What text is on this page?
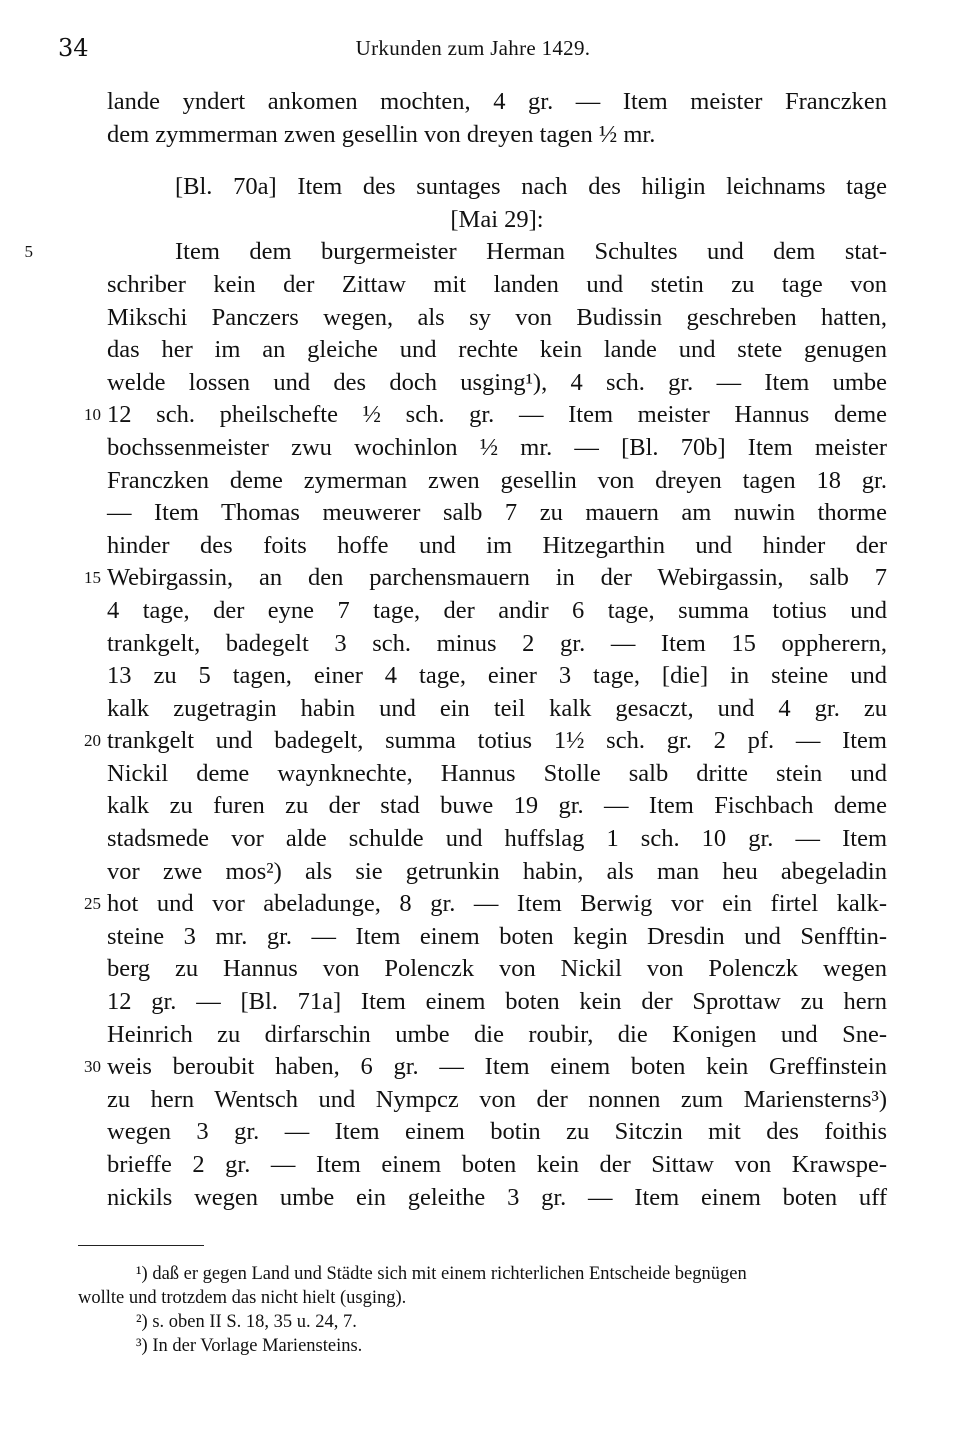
34	Urkunden zum Jahre 1429.
lande yndert ankomen mochten, 4 gr. — Item meister Franczken
dem zymmerman zwen gesellin von dreyen tagen ½ mr.
[Bl. 70a] Item des suntages nach des hiligin leichnams tage
[Mai 29]:
5	Item dem burgermeister Herman Schultes und dem stat-
schriber kein der Zittaw mit landen und stetin zu tage von
Mikschi Panczers wegen, als sy von Budissin geschreben hatten,
das her im an gleiche und rechte kein lande und stete genugen
welde lossen und des doch usging¹), 4 sch. gr. — Item umbe
10 12 sch. pheilschefte ½ sch. gr. — Item meister Hannus deme
bochssenmeister zwu wochinlon ½ mr. — [Bl. 70b] Item meister
Franczken deme zymerman zwen gesellin von dreyen tagen 18 gr.
— Item Thomas meuwerer salb 7 zu mauern am nuwin thorme
hinder des foits hoffe und im Hitzegarthin und hinder der
15 Webirgassin, an den parchensmauern in der Webirgassin, salb 7
4 tage, der eyne 7 tage, der andir 6 tage, summa totius und
trankgelt, badegelt 3 sch. minus 2 gr. — Item 15 oppherern,
13 zu 5 tagen, einer 4 tage, einer 3 tage, [die] in steine und
kalk zugetragin habin und ein teil kalk gesaczt, und 4 gr. zu
20 trankgelt und badegelt, summa totius 1½ sch. gr. 2 pf. — Item
Nickil deme waynknechte, Hannus Stolle salb dritte stein und
kalk zu furen zu der stad buwe 19 gr. — Item Fischbach deme
stadsmede vor alde schulde und huffslag 1 sch. 10 gr. — Item
vor zwe mos²) als sie getrunkin habin, als man heu abegeladin
25 hot und vor abeladunge, 8 gr. — Item Berwig vor ein firtel kalk-
steine 3 mr. gr. — Item einem boten kegin Dresdin und Senfftin-
berg zu Hannus von Polenczk von Nickil von Polenczk wegen
12 gr. — [Bl. 71a] Item einem boten kein der Sprottaw zu hern
Heinrich zu dirfarschin umbe die roubir, die Konigen und Sne-
30 weis beroubit haben, 6 gr. — Item einem boten kein Greffinstein
zu hern Wentsch und Nympcz von der nonnen zum Mariensterns³)
wegen 3 gr. — Item einem botin zu Sitczin mit des foithis
brieffe 2 gr. — Item einem boten kein der Sittaw von Krawspe-
nickils wegen umbe ein geleithe 3 gr. — Item einem boten uff
¹) daß er gegen Land und Städte sich mit einem richterlichen Entscheide begnügen
wollte und trotzdem das nicht hielt (usging).
²) s. oben II S. 18, 35 u. 24, 7.
³) In der Vorlage Mariensteins.
